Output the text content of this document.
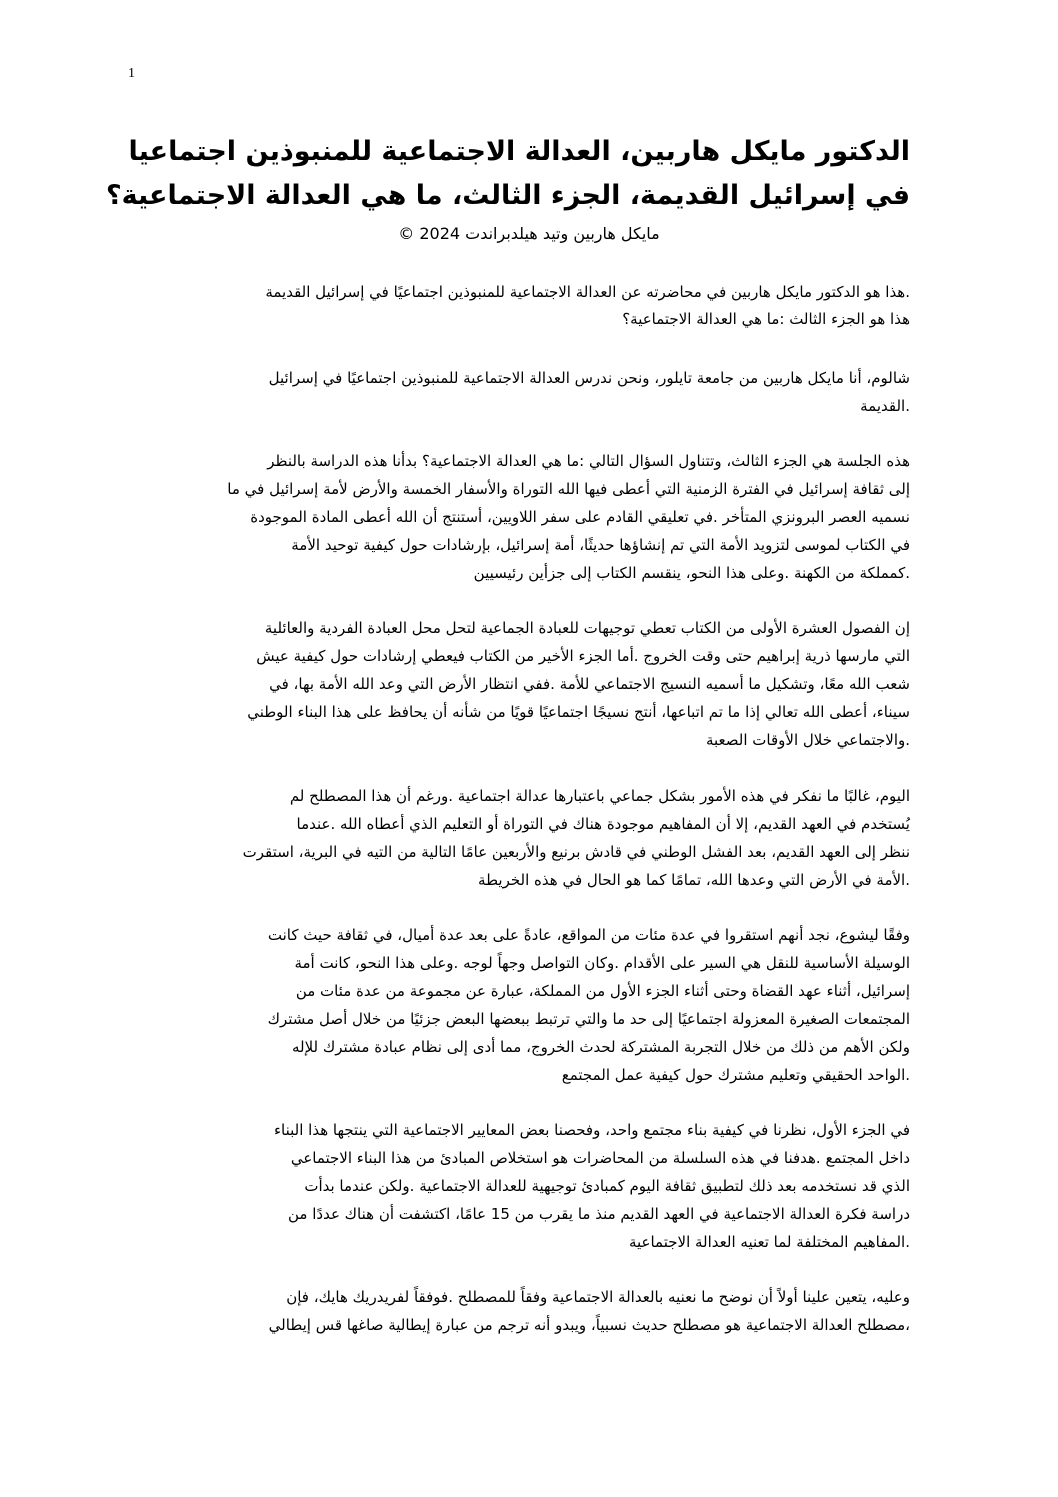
1
الدكتور مايكل هاربين، العدالة الاجتماعية للمنبوذين اجتماعيا
في إسرائيل القديمة، الجزء الثالث، ما هي العدالة الاجتماعية؟
مايكل هاربين وتيد هيلدبراندت 2024 ©
.هذا هو الدكتور مايكل هاربين في محاضرته عن العدالة الاجتماعية للمنبوذين اجتماعيًا في إسرائيل القديمة
هذا هو الجزء الثالث :ما هي العدالة الاجتماعية؟
شالوم، أنا مايكل هاربين من جامعة تايلور، ونحن ندرس العدالة الاجتماعية للمنبوذين اجتماعيًا في إسرائيل
.القديمة
هذه الجلسة هي الجزء الثالث، وتتناول السؤال التالي :ما هي العدالة الاجتماعية؟ بدأنا هذه الدراسة بالنظر
إلى ثقافة إسرائيل في الفترة الزمنية التي أعطى فيها الله التوراة والأسفار الخمسة والأرض لأمة إسرائيل في ما
نسميه العصر البرونزي المتأخر .في تعليقي القادم على سفر اللاويين، أستنتج أن الله أعطى المادة الموجودة
في الكتاب لموسى لتزويد الأمة التي تم إنشاؤها حديثًا، أمة إسرائيل، بإرشادات حول كيفية توحيد الأمة
.كمملكة من الكهنة .وعلى هذا النحو، ينقسم الكتاب إلى جزأين رئيسيين
إن الفصول العشرة الأولى من الكتاب تعطي توجيهات للعبادة الجماعية لتحل محل العبادة الفردية والعائلية
التي مارسها ذرية إبراهيم حتى وقت الخروج .أما الجزء الأخير من الكتاب فيعطي إرشادات حول كيفية عيش
شعب الله معًا، وتشكيل ما أسميه النسيج الاجتماعي للأمة .ففي انتظار الأرض التي وعد الله الأمة بها، في
سيناء، أعطى الله تعالي إذا ما تم اتباعها، أنتج نسيجًا اجتماعيًا قويًا من شأنه أن يحافظ على هذا البناء الوطني
.والاجتماعي خلال الأوقات الصعبة
اليوم، غالبًا ما نفكر في هذه الأمور بشكل جماعي باعتبارها عدالة اجتماعية .ورغم أن هذا المصطلح لم
يُستخدم في العهد القديم، إلا أن المفاهيم موجودة هناك في التوراة أو التعليم الذي أعطاه الله .عندما
ننظر إلى العهد القديم، بعد الفشل الوطني في قادش برنيع والأربعين عامًا التالية من التيه في البرية، استقرت
.الأمة في الأرض التي وعدها الله، تمامًا كما هو الحال في هذه الخريطة
وفقًا ليشوع، نجد أنهم استقروا في عدة مئات من المواقع، عادةً على بعد عدة أميال، في ثقافة حيث كانت
الوسيلة الأساسية للنقل هي السير على الأقدام .وكان التواصل وجهاً لوجه .وعلى هذا النحو، كانت أمة
إسرائيل، أثناء عهد القضاة وحتى أثناء الجزء الأول من المملكة، عبارة عن مجموعة من عدة مئات من
المجتمعات الصغيرة المعزولة اجتماعيًا إلى حد ما والتي ترتبط ببعضها البعض جزئيًا من خلال أصل مشترك
ولكن الأهم من ذلك من خلال التجربة المشتركة لحدث الخروج، مما أدى إلى نظام عبادة مشترك للإله
.الواحد الحقيقي وتعليم مشترك حول كيفية عمل المجتمع
في الجزء الأول، نظرنا في كيفية بناء مجتمع واحد، وفحصنا بعض المعايير الاجتماعية التي ينتجها هذا البناء
داخل المجتمع .هدفنا في هذه السلسلة من المحاضرات هو استخلاص المبادئ من هذا البناء الاجتماعي
الذي قد نستخدمه بعد ذلك لتطبيق ثقافة اليوم كمبادئ توجيهية للعدالة الاجتماعية .ولكن عندما بدأت
دراسة فكرة العدالة الاجتماعية في العهد القديم منذ ما يقرب من 15 عامًا، اكتشفت أن هناك عددًا من
.المفاهيم المختلفة لما تعنيه العدالة الاجتماعية
وعليه، يتعين علينا أولاً أن نوضح ما نعنيه بالعدالة الاجتماعية وفقاً للمصطلح .فوفقاً لفريدريك هايك، فإن
،مصطلح العدالة الاجتماعية هو مصطلح حديث نسبياً، ويبدو أنه ترجم من عبارة إيطالية صاغها قس إيطالي
